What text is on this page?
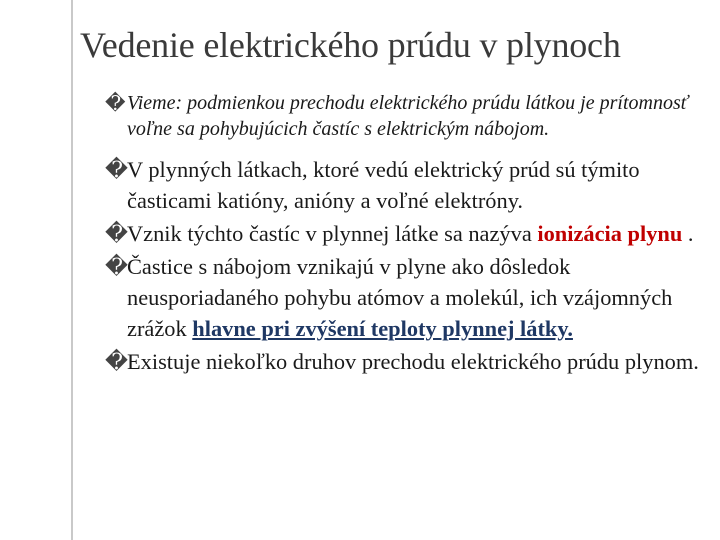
Vedenie elektrického prúdu v plynoch
� Vieme: podmienkou prechodu elektrického prúdu látkou je prítomnosť voľne sa pohybujúcich častíc s elektrickým nábojom.
� V plynných látkach, ktoré vedú elektrický prúd sú týmito časticami katióny, anióny a voľné elektróny.
� Vznik týchto častíc v plynnej látke sa nazýva ionizácia plynu .
� Častice s nábojom vznikajú v plyne ako dôsledok neusporiadaného pohybu atómov a molekúl, ich vzájomných zrážok hlavne pri zvýšení teploty plynnej látky.
� Existuje niekoľko druhov prechodu elektrického prúdu plynom.
